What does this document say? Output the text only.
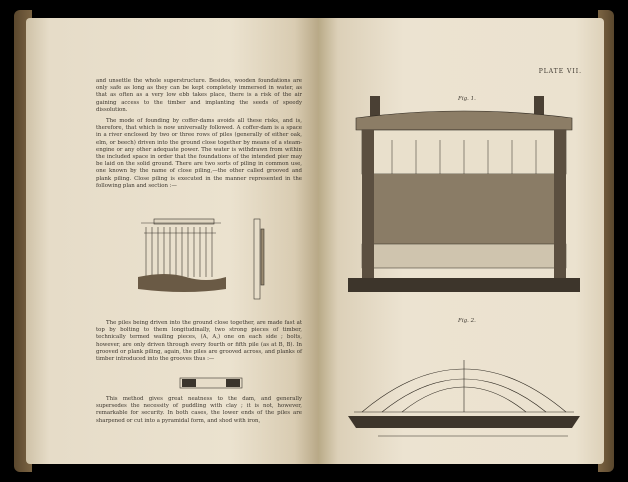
and unsettle the whole superstructure. Besides, wooden foundations are only safe as long as they can be kept completely immersed in water, as that as often as a very low ebb takes place, there is a risk of the air gaining access to the timber and implanting the seeds of speedy dissolution.

The mode of founding by coffer-dams avoids all these risks, and is, therefore, that which is now universally followed. A coffer-dam is a space in a river enclosed by two or three rows of piles (generally of either oak, elm, or beech) driven into the ground close together by means of a steam-engine or any other adequate power. The water is withdrawn from within the included space in order that the foundations of the intended pier may be laid on the solid ground. There are two sorts of piling in common use, one known by the name of close piling,—the other called grooved and plank piling. Close piling is executed in the manner represented in the following plan and section :—

The piles being driven into the ground close together, are made fast at top by bolting to them longitudinally, two strong pieces of timber, technically termed wailing pieces, (A, A,) one on each side ; bolts, however, are only driven through every fourth or fifth pile (as at B, B). In grooved or plank piling, again, the piles are grooved across, and planks of timber introduced into the grooves thus :—

This method gives great neatness to the dam, and generally supersedes the necessity of puddling with clay ; it is not, however, remarkable for security. In both cases, the lower ends of the piles are sharpened or cut into a pyramidal form, and shod with iron,

PLATE VII.
Fig. 1.
Fig. 2.
